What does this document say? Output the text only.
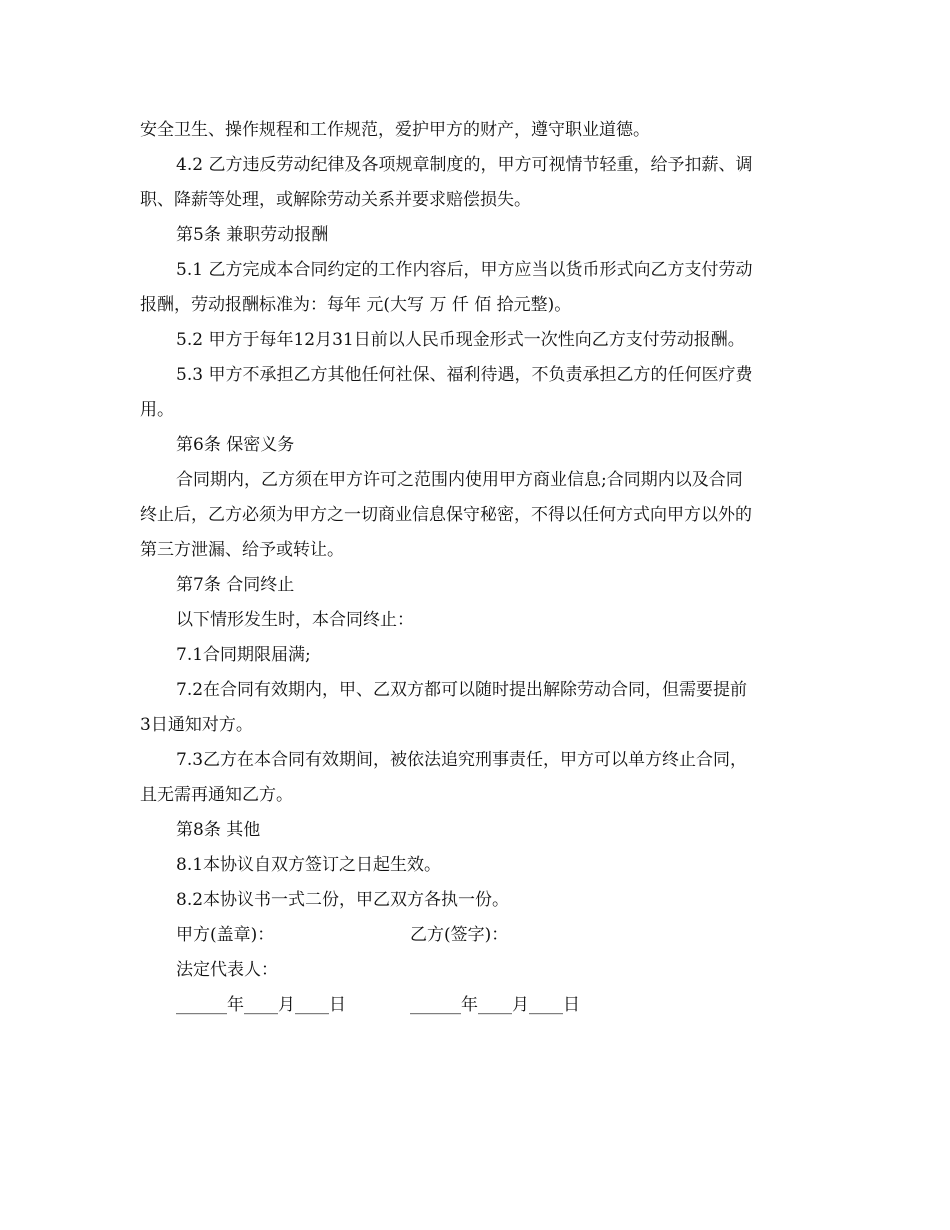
安全卫生、操作规程和工作规范，爱护甲方的财产，遵守职业道德。
4.2 乙方违反劳动纪律及各项规章制度的，甲方可视情节轻重，给予扣薪、调
职、降薪等处理，或解除劳动关系并要求赔偿损失。
第5条 兼职劳动报酬
5.1 乙方完成本合同约定的工作内容后，甲方应当以货币形式向乙方支付劳动
报酬，劳动报酬标准为：每年 元(大写 万 仟 佰 拾元整)。
5.2 甲方于每年12月31日前以人民币现金形式一次性向乙方支付劳动报酬。
5.3 甲方不承担乙方其他任何社保、福利待遇，不负责承担乙方的任何医疗费
用。
第6条 保密义务
合同期内，乙方须在甲方许可之范围内使用甲方商业信息;合同期内以及合同
终止后，乙方必须为甲方之一切商业信息保守秘密，不得以任何方式向甲方以外的
第三方泄漏、给予或转让。
第7条 合同终止
以下情形发生时，本合同终止：
7.1合同期限届满;
7.2在合同有效期内，甲、乙双方都可以随时提出解除劳动合同，但需要提前
3日通知对方。
7.3乙方在本合同有效期间，被依法追究刑事责任，甲方可以单方终止合同，
且无需再通知乙方。
第8条 其他
8.1本协议自双方签订之日起生效。
8.2本协议书一式二份，甲乙双方各执一份。
甲方(盖章)：	乙方(签字)：
法定代表人：
______年____月____日	______年____月____日
